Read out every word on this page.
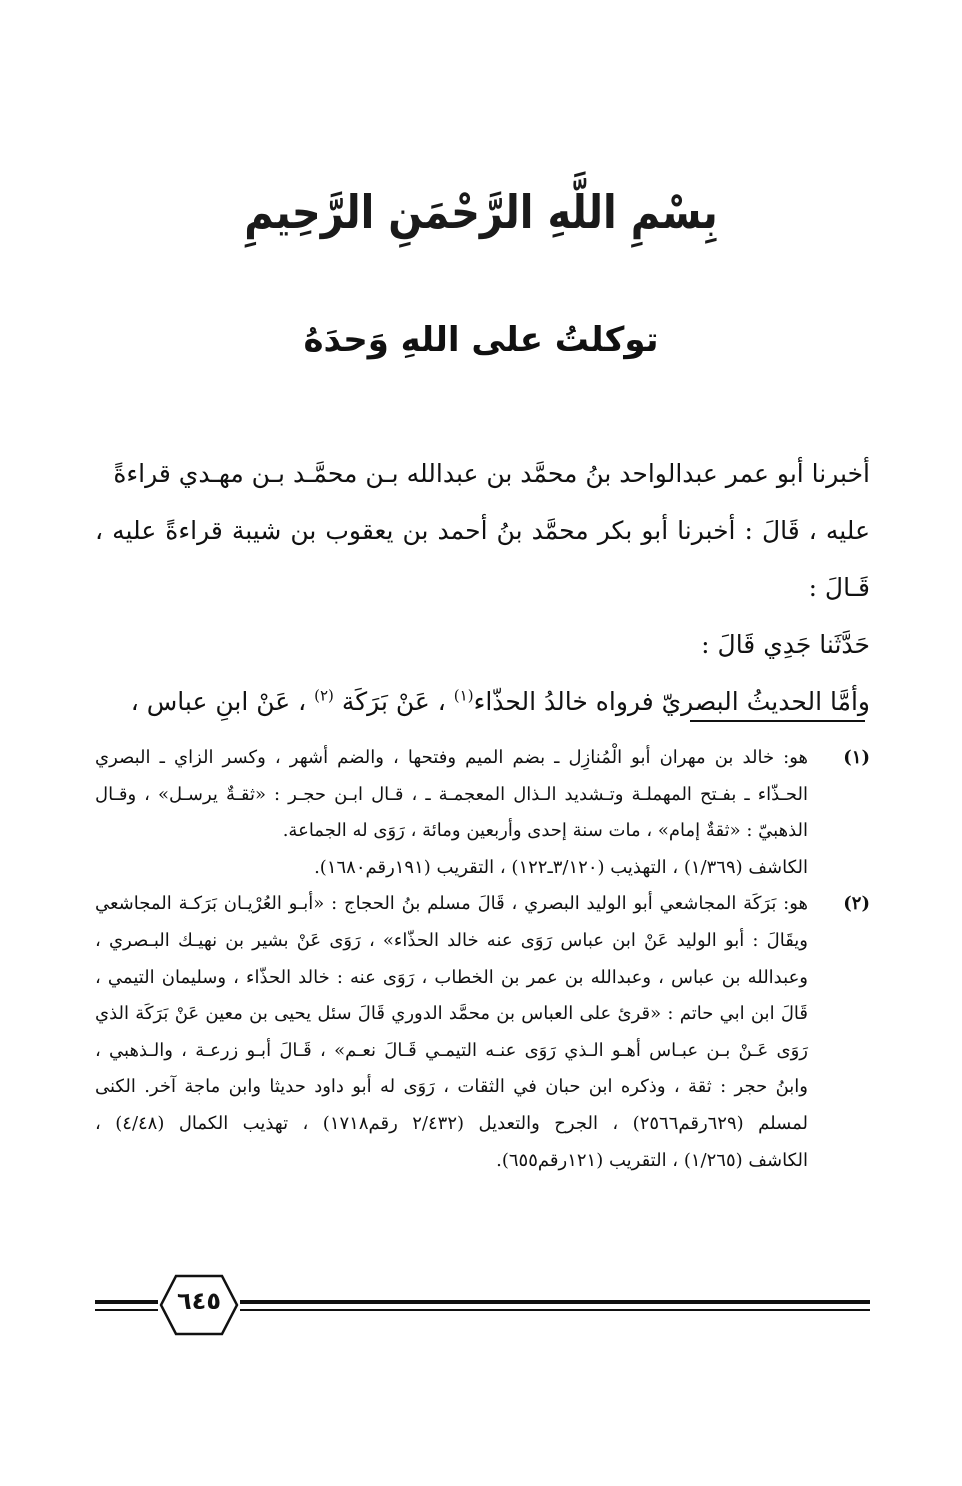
بِسْمِ اللَّهِ الرَّحْمَنِ الرَّحِيمِ
توكلتُ على اللهِ وَحدَهُ

أخبرنا أبو عمر عبدالواحد بنُ محمَّد بن عبدالله بـن محمَّـد بـن مهـدي قراءةً

عليه ، قَالَ : أخبرنا أبو بكر محمَّد بنُ أحمد بن يعقوب بن شيبة قراءةً عليه ، قَـالَ :

حَدَّثَنا جَدِي قَالَ :

وأمَّا الحديثُ البصريّ فرواه خالدُ الحذّاء$^{(١)}$ ، عَنْ بَرَكَة $^{(٢)}$ ، عَنْ ابنِ عباس ،

(١)
هو: خالد بن مهران أبو الْمُنازِل ـ بضم الميم وفتحها ، والضم أشهر ، وكسر الزاي ـ البصري
الحـذّاء ـ بفـتح المهملـة وتـشديد الـذال المعجمـة ـ ، قـال ابـن حجـر : «ثقـةٌ يرسـل» ، وقـال
الذهبيّ : «ثقةٌ إمام» ، مات سنة إحدى وأربعين ومائة ، رَوَى له الجماعة.
الكاشف (١/٣٦٩) ، التهذيب (٣/١٢٠ـ١٢٢) ، التقريب (١٩١رقم١٦٨٠).
(٢)
هو: بَرَكَة المجاشعي أبو الوليد البصري ، قَالَ مسلم بنُ الحجاج : «أبـو العُرْيـان بَرَكـة المجاشعي
ويقَالَ : أبو الوليد عَنْ ابن عباس رَوَى عنه خالد الحذّاء» ، رَوَى عَنْ بشير بن نهيـك البـصري ،
وعبدالله بن عباس ، وعبدالله بن عمر بن الخطاب ، رَوَى عنه : خالد الحذّاء ، وسليمان التيمي ،
قَالَ ابن ابي حاتم : «قرئ على العباس بن محمَّد الدوري قَالَ سئل يحيى بن معين عَنْ بَرَكَة الذي
رَوَى عَـنْ بـن عبـاس أهـو الـذي رَوَى عنـه التيمـي قَـالَ نعـم» ، قَـالَ أبـو زرعـة ، والـذهبي ،
وابنُ حجر : ثقة ، وذكره ابن حبان في الثقات ، رَوَى له أبو داود حديثا وابن ماجة آخر. الكنى
لمسلم (٦٢٩رقم٢٥٦٦) ، الجرح والتعديل (٢/٤٣٢ رقم١٧١٨) ، تهذيب الكمال (٤/٤٨) ،
الكاشف (١/٢٦٥) ، التقريب (١٢١رقم٦٥٥).
٦٤٥
